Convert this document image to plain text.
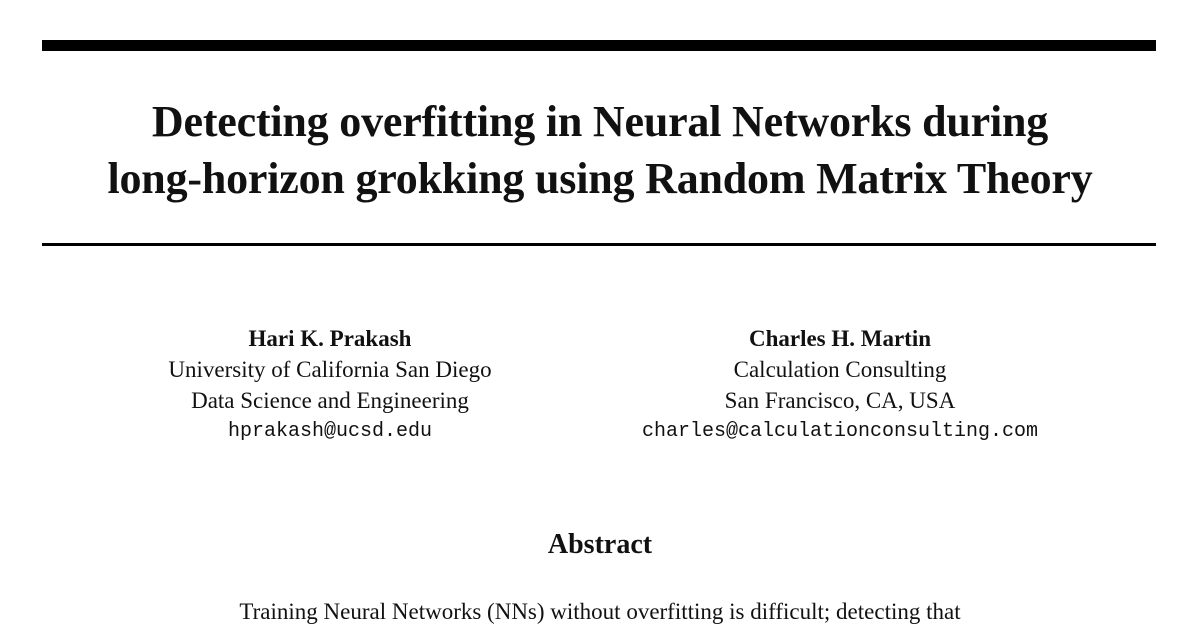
Detecting overfitting in Neural Networks during
long-horizon grokking using Random Matrix Theory
Hari K. Prakash
University of California San Diego
Data Science and Engineering
hprakash@ucsd.edu
Charles H. Martin
Calculation Consulting
San Francisco, CA, USA
charles@calculationconsulting.com
Abstract

Training Neural Networks (NNs) without overfitting is difficult; detecting that
